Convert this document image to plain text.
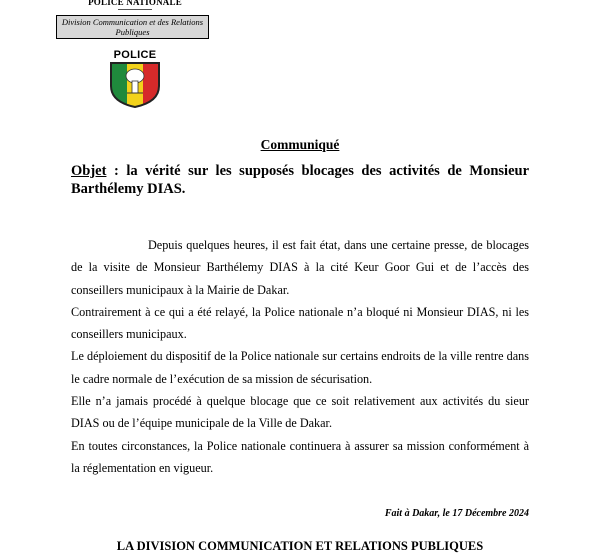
POLICE NATIONALE
Division Communication et des Relations Publiques
POLICE
Communiqué
Objet : la vérité sur les supposés blocages des activités de Monsieur Barthélemy DIAS.

Depuis quelques heures, il est fait état, dans une certaine presse, de blocages de la visite de Monsieur Barthélemy DIAS à la cité Keur Goor Gui et de l’accès des conseillers municipaux à la Mairie de Dakar.

Contrairement à ce qui a été relayé, la Police nationale n’a bloqué ni Monsieur DIAS, ni les conseillers municipaux.

Le déploiement du dispositif de la Police nationale sur certains endroits de la ville rentre dans le cadre normale de l’exécution de sa mission de sécurisation.

Elle n’a jamais procédé à quelque blocage que ce soit relativement aux activités du sieur DIAS ou de l’équipe municipale de la Ville de Dakar.

En toutes circonstances, la Police nationale continuera à assurer sa mission conformément à la réglementation en vigueur.

Fait à Dakar, le 17 Décembre 2024
LA DIVISION COMMUNICATION ET RELATIONS PUBLIQUES
